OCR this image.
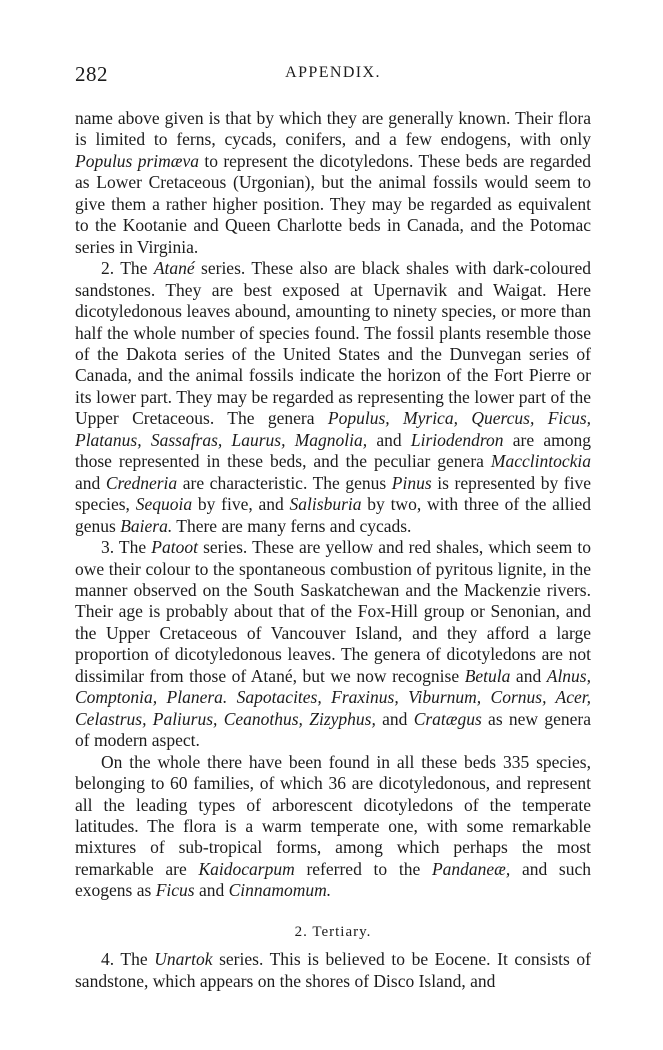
282	APPENDIX.

name above given is that by which they are generally known. Their flora is limited to ferns, cycads, conifers, and a few endogens, with only Populus primæva to represent the dicotyledons. These beds are regarded as Lower Cretaceous (Urgonian), but the animal fossils would seem to give them a rather higher position. They may be regarded as equivalent to the Kootanie and Queen Charlotte beds in Canada, and the Potomac series in Virginia.

2. The Atané series. These also are black shales with dark-coloured sandstones. They are best exposed at Upernavik and Waigat. Here dicotyledonous leaves abound, amounting to ninety species, or more than half the whole number of species found. The fossil plants resemble those of the Dakota series of the United States and the Dunvegan series of Canada, and the animal fossils indicate the horizon of the Fort Pierre or its lower part. They may be regarded as representing the lower part of the Upper Cretaceous. The genera Populus, Myrica, Quercus, Ficus, Platanus, Sassafras, Laurus, Magnolia, and Liriodendron are among those represented in these beds, and the peculiar genera Macclintockia and Credneria are characteristic. The genus Pinus is represented by five species, Sequoia by five, and Salisburia by two, with three of the allied genus Baiera. There are many ferns and cycads.

3. The Patoot series. These are yellow and red shales, which seem to owe their colour to the spontaneous combustion of pyritous lignite, in the manner observed on the South Saskatchewan and the Mackenzie rivers. Their age is probably about that of the Fox-Hill group or Senonian, and the Upper Cretaceous of Vancouver Island, and they afford a large proportion of dicotyledonous leaves. The genera of dicotyledons are not dissimilar from those of Atané, but we now recognise Betula and Alnus, Comptonia, Planera. Sapotacites, Fraxinus, Viburnum, Cornus, Acer, Celastrus, Paliurus, Ceanothus, Zizyphus, and Cratægus as new genera of modern aspect.

On the whole there have been found in all these beds 335 species, belonging to 60 families, of which 36 are dicotyledonous, and represent all the leading types of arborescent dicotyledons of the temperate latitudes. The flora is a warm temperate one, with some remarkable mixtures of sub-tropical forms, among which perhaps the most remarkable are Kaidocarpum referred to the Pandaneæ, and such exogens as Ficus and Cinnamomum.

2. Tertiary.

4. The Unartok series. This is believed to be Eocene. It consists of sandstone, which appears on the shores of Disco Island, and
